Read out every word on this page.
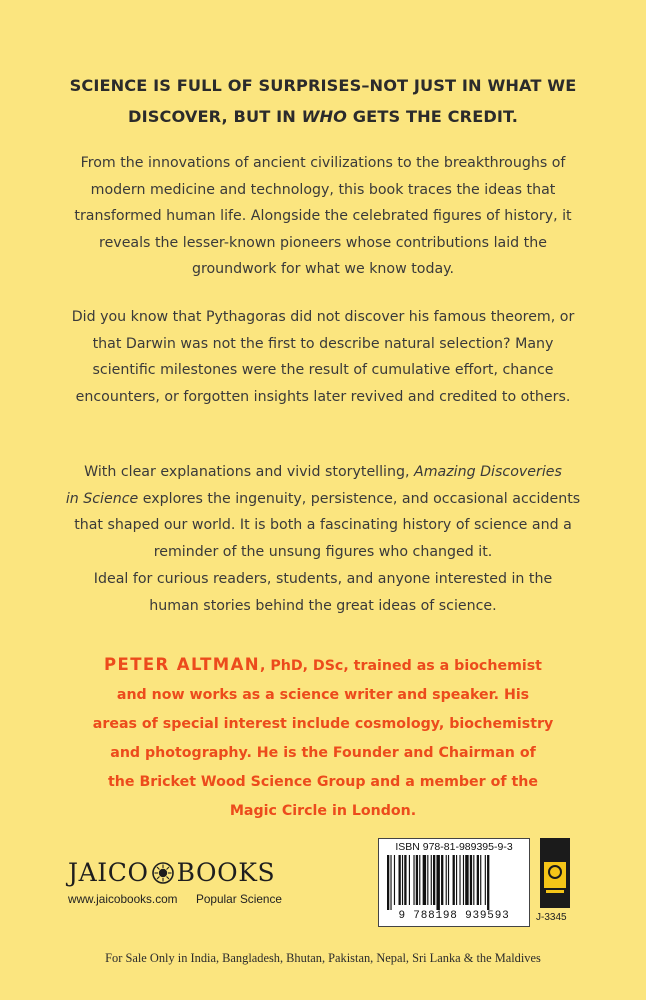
SCIENCE IS FULL OF SURPRISES–NOT JUST IN WHAT WE
DISCOVER, BUT IN WHO GETS THE CREDIT.
From the innovations of ancient civilizations to the breakthroughs of
modern medicine and technology, this book traces the ideas that
transformed human life. Alongside the celebrated figures of history, it
reveals the lesser-known pioneers whose contributions laid the
groundwork for what we know today.
Did you know that Pythagoras did not discover his famous theorem, or
that Darwin was not the first to describe natural selection? Many
scientific milestones were the result of cumulative effort, chance
encounters, or forgotten insights later revived and credited to others.
With clear explanations and vivid storytelling, Amazing Discoveries
in Science explores the ingenuity, persistence, and occasional accidents
that shaped our world. It is both a fascinating history of science and a
reminder of the unsung figures who changed it.
Ideal for curious readers, students, and anyone interested in the
human stories behind the great ideas of science.
PETER ALTMAN, PhD, DSc, trained as a biochemist
and now works as a science writer and speaker. His
areas of special interest include cosmology, biochemistry
and photography. He is the Founder and Chairman of
the Bricket Wood Science Group and a member of the
Magic Circle in London.
JAICO BOOKS
www.jaicobooks.com Popular Science
ISBN 978-81-989395-9-3
9 788198 939593	J-3345
For Sale Only in India, Bangladesh, Bhutan, Pakistan, Nepal, Sri Lanka & the Maldives
